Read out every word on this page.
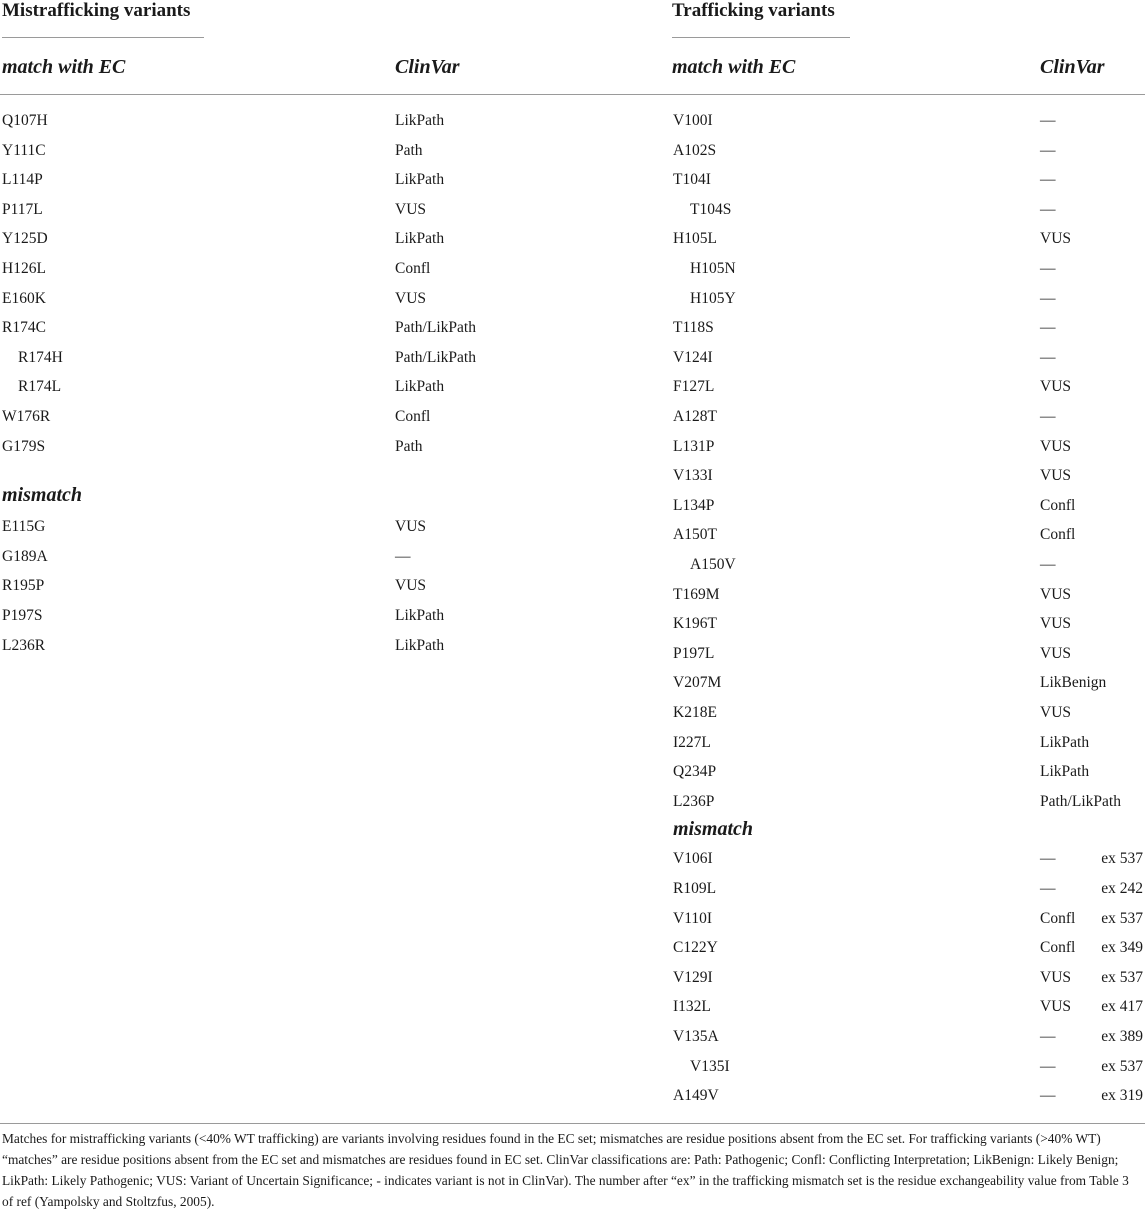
Mistrafficking variants	Trafficking variants
match with EC	ClinVar	match with EC	ClinVar
Q107H	LikPath
Y111C	Path
L114P	LikPath
P117L	VUS
Y125D	LikPath
H126L	Confl
E160K	VUS
R174C	Path/LikPath
R174H	Path/LikPath
R174L	LikPath
W176R	Confl
G179S	Path
mismatch
E115G	VUS
G189A	—
R195P	VUS
P197S	LikPath
L236R	LikPath
V100I	—
A102S	—
T104I	—
T104S	—
H105L	VUS
H105N	—
H105Y	—
T118S	—
V124I	—
F127L	VUS
A128T	—
L131P	VUS
V133I	VUS
L134P	Confl
A150T	Confl
A150V	—
T169M	VUS
K196T	VUS
P197L	VUS
V207M	LikBenign
K218E	VUS
I227L	LikPath
Q234P	LikPath
L236P	Path/LikPath
mismatch
V106I	—	ex 537
R109L	—	ex 242
V110I	Confl ex 537
C122Y	Confl ex 349
V129I	VUS ex 537
I132L	VUS ex 417
V135A	—	ex 389
V135I	—	ex 537
A149V	—	ex 319
Matches for mistrafficking variants (<40% WT trafficking) are variants involving residues found in the EC set; mismatches are residue positions absent from the EC set. For trafficking variants (>40% WT) “matches” are residue positions absent from the EC set and mismatches are residues found in EC set. ClinVar classifications are: Path: Pathogenic; Confl: Conflicting Interpretation; LikBenign: Likely Benign; LikPath: Likely Pathogenic; VUS: Variant of Uncertain Significance; - indicates variant is not in ClinVar). The number after “ex” in the trafficking mismatch set is the residue exchangeability value from Table 3 of ref (Yampolsky and Stoltzfus, 2005).
